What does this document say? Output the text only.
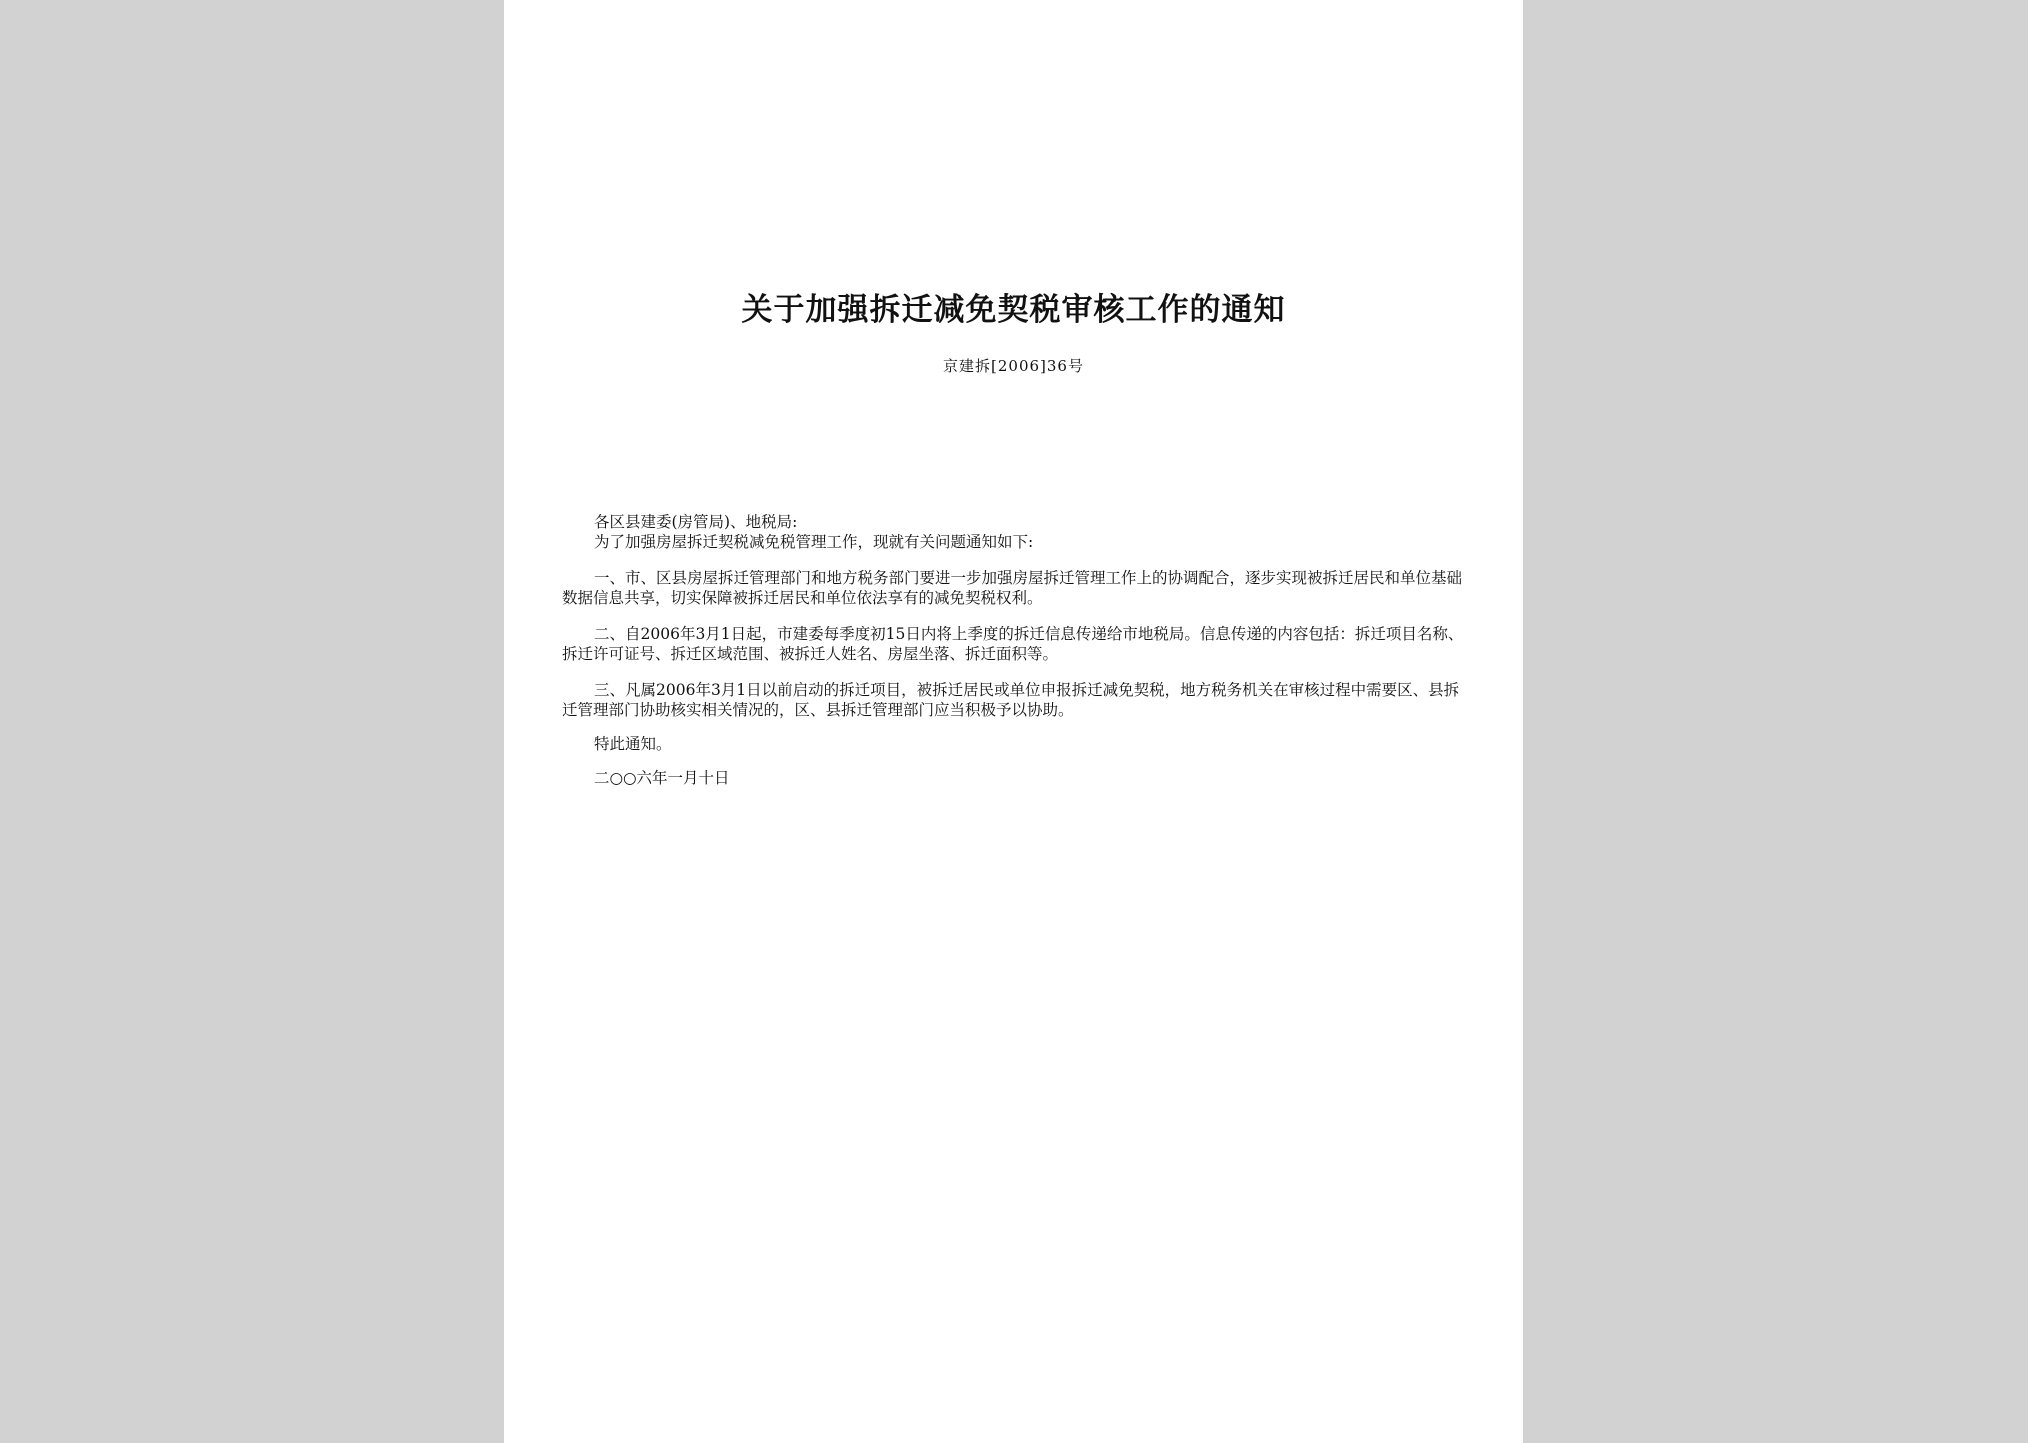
关于加强拆迁减免契税审核工作的通知
京建拆[2006]36号

各区县建委(房管局)、地税局:

为了加强房屋拆迁契税减免税管理工作，现就有关问题通知如下:

一、市、区县房屋拆迁管理部门和地方税务部门要进一步加强房屋拆迁管理工作上的协调配合，逐步实现被拆迁居民和单位基础数据信息共享，切实保障被拆迁居民和单位依法享有的减免契税权利。

二、自2006年3月1日起，市建委每季度初15日内将上季度的拆迁信息传递给市地税局。信息传递的内容包括：拆迁项目名称、拆迁许可证号、拆迁区域范围、被拆迁人姓名、房屋坐落、拆迁面积等。

三、凡属2006年3月1日以前启动的拆迁项目，被拆迁居民或单位申报拆迁减免契税，地方税务机关在审核过程中需要区、县拆迁管理部门协助核实相关情况的，区、县拆迁管理部门应当积极予以协助。

特此通知。

二○○六年一月十日
